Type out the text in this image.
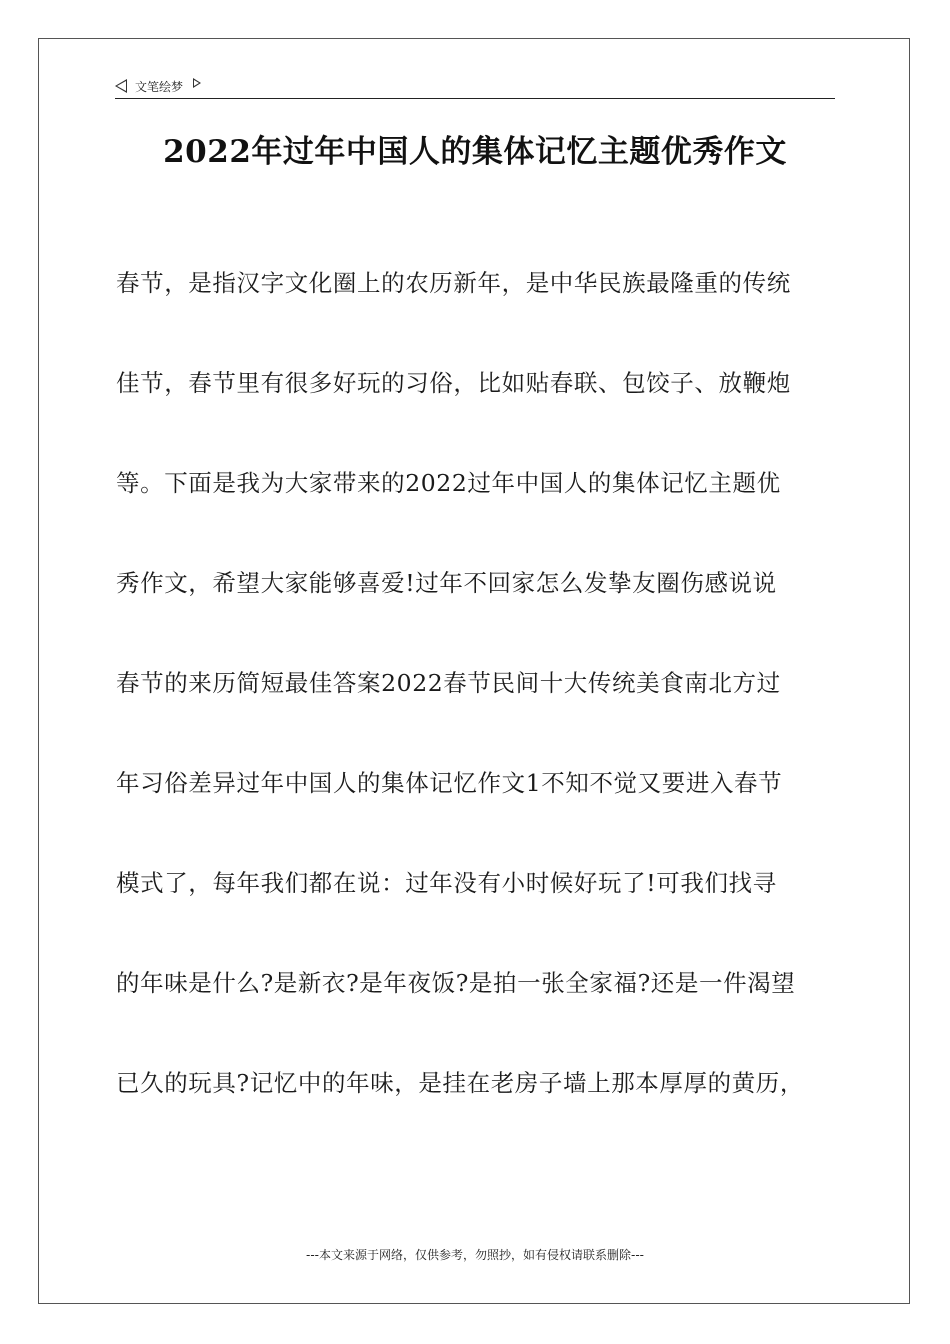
文笔绘梦
2022年过年中国人的集体记忆主题优秀作文
春节，是指汉字文化圈上的农历新年，是中华民族最隆重的传统
佳节，春节里有很多好玩的习俗，比如贴春联、包饺子、放鞭炮
等。下面是我为大家带来的2022过年中国人的集体记忆主题优
秀作文，希望大家能够喜爱!过年不回家怎么发挚友圈伤感说说
春节的来历简短最佳答案2022春节民间十大传统美食南北方过
年习俗差异过年中国人的集体记忆作文1不知不觉又要进入春节
模式了，每年我们都在说：过年没有小时候好玩了!可我们找寻
的年味是什么?是新衣?是年夜饭?是拍一张全家福?还是一件渴望
已久的玩具?记忆中的年味，是挂在老房子墙上那本厚厚的黄历，
---本文来源于网络，仅供参考，勿照抄，如有侵权请联系删除---
